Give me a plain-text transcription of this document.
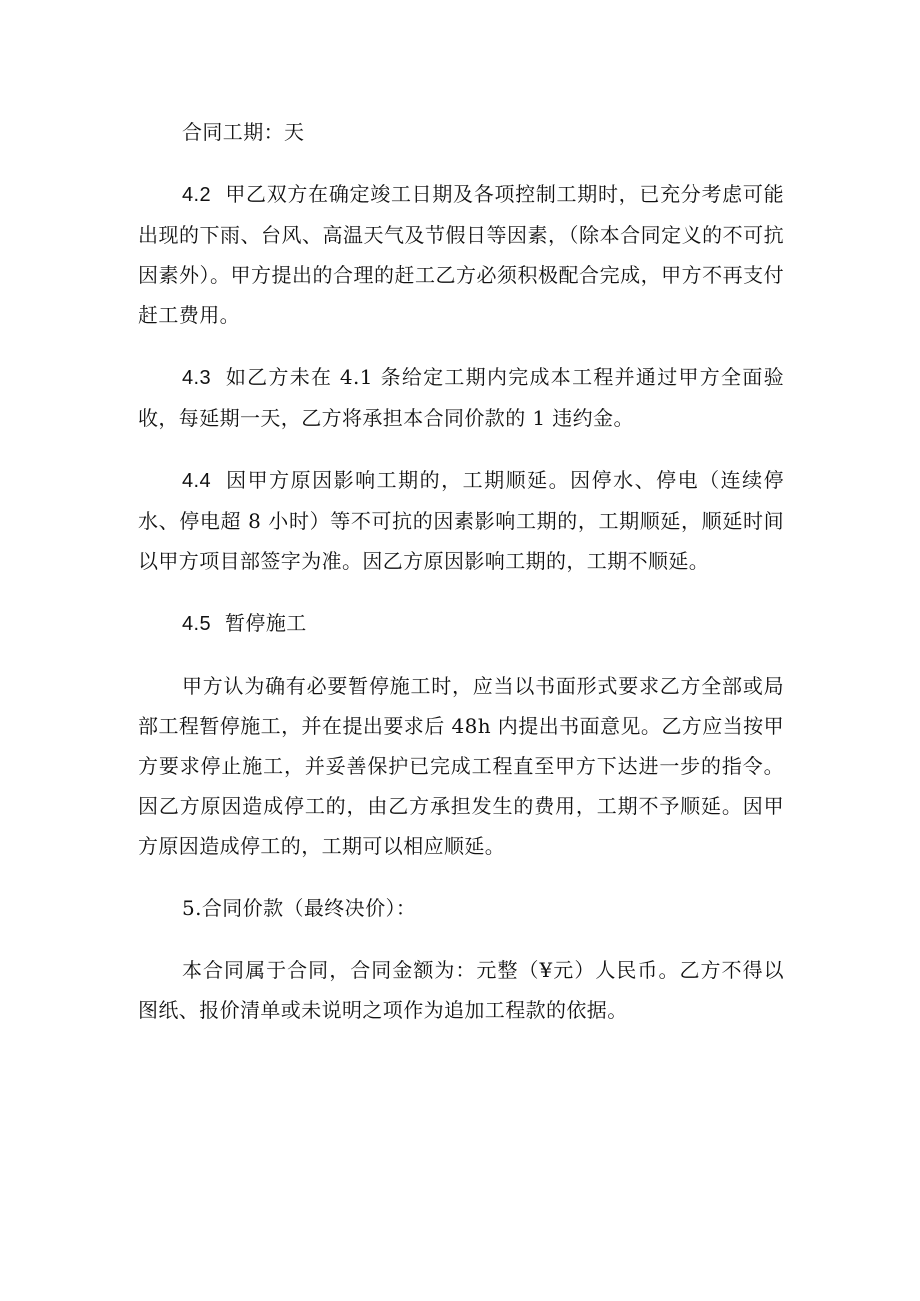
合同工期：天

4.2 甲乙双方在确定竣工日期及各项控制工期时，已充分考虑可能出现的下雨、台风、高温天气及节假日等因素，（除本合同定义的不可抗因素外）。甲方提出的合理的赶工乙方必须积极配合完成，甲方不再支付赶工费用。

4.3 如乙方未在 4.1 条给定工期内完成本工程并通过甲方全面验收，每延期一天，乙方将承担本合同价款的 1 违约金。

4.4 因甲方原因影响工期的，工期顺延。因停水、停电（连续停水、停电超 8 小时）等不可抗的因素影响工期的，工期顺延，顺延时间以甲方项目部签字为准。因乙方原因影响工期的，工期不顺延。

4.5 暂停施工

甲方认为确有必要暂停施工时，应当以书面形式要求乙方全部或局部工程暂停施工，并在提出要求后 48h 内提出书面意见。乙方应当按甲方要求停止施工，并妥善保护已完成工程直至甲方下达进一步的指令。因乙方原因造成停工的，由乙方承担发生的费用，工期不予顺延。因甲方原因造成停工的，工期可以相应顺延。

5.合同价款（最终决价）：

本合同属于合同，合同金额为：元整（¥元）人民币。乙方不得以图纸、报价清单或未说明之项作为追加工程款的依据。
